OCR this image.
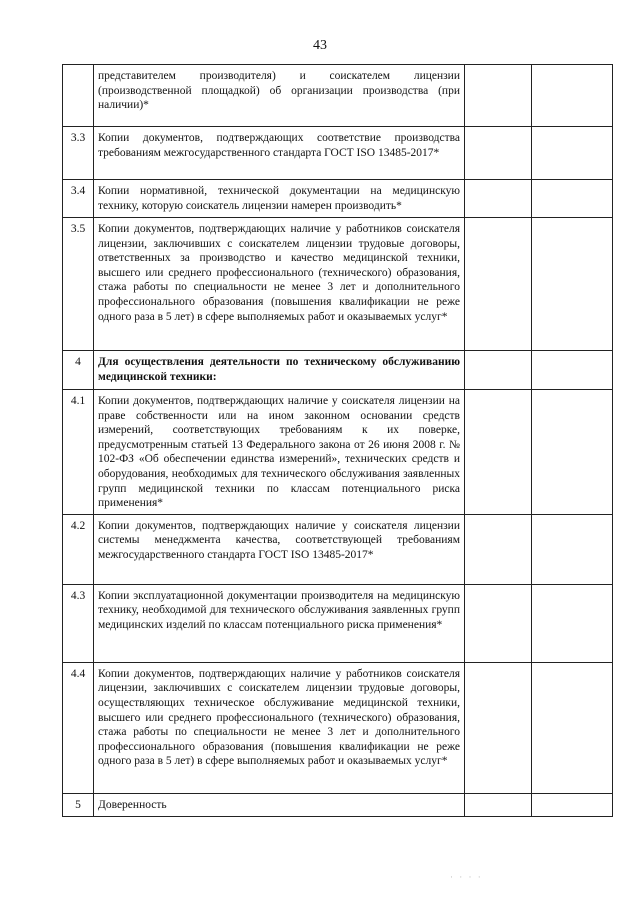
43
	представителем производителя) и соискателем лицензии (производственной площадкой) об организации производства (при наличии)*		
3.3	Копии документов, подтверждающих соответствие производства требованиям межгосударственного стандарта ГОСТ ISO 13485-2017*		
3.4	Копии нормативной, технической документации на медицинскую технику, которую соискатель лицензии намерен производить*		
3.5	Копии документов, подтверждающих наличие у работников соискателя лицензии, заключивших с соискателем лицензии трудовые договоры, ответственных за производство и качество медицинской техники, высшего или среднего профессионального (технического) образования, стажа работы по специальности не менее 3 лет и дополнительного профессионального образования (повышения квалификации не реже одного раза в 5 лет) в сфере выполняемых работ и оказываемых услуг*		
4	Для осуществления деятельности по техническому обслуживанию медицинской техники:		
4.1	Копии документов, подтверждающих наличие у соискателя лицензии на праве собственности или на ином законном основании средств измерений, соответствующих требованиям к их поверке, предусмотренным статьей 13 Федерального закона от 26 июня 2008 г. № 102-ФЗ «Об обеспечении единства измерений», технических средств и оборудования, необходимых для технического обслуживания заявленных групп медицинской техники по классам потенциального риска применения*		
4.2	Копии документов, подтверждающих наличие у соискателя лицензии системы менеджмента качества, соответствующей требованиям межгосударственного стандарта ГОСТ ISO 13485-2017*		
4.3	Копии эксплуатационной документации производителя на медицинскую технику, необходимой для технического обслуживания заявленных групп медицинских изделий по классам потенциального риска применения*		
4.4	Копии документов, подтверждающих наличие у работников соискателя лицензии, заключивших с соискателем лицензии трудовые договоры, осуществляющих техническое обслуживание медицинской техники, высшего или среднего профессионального (технического) образования, стажа работы по специальности не менее 3 лет и дополнительного профессионального образования (повышения квалификации не реже одного раза в 5 лет) в сфере выполняемых работ и оказываемых услуг*		
5	Доверенность		
· · · ·
